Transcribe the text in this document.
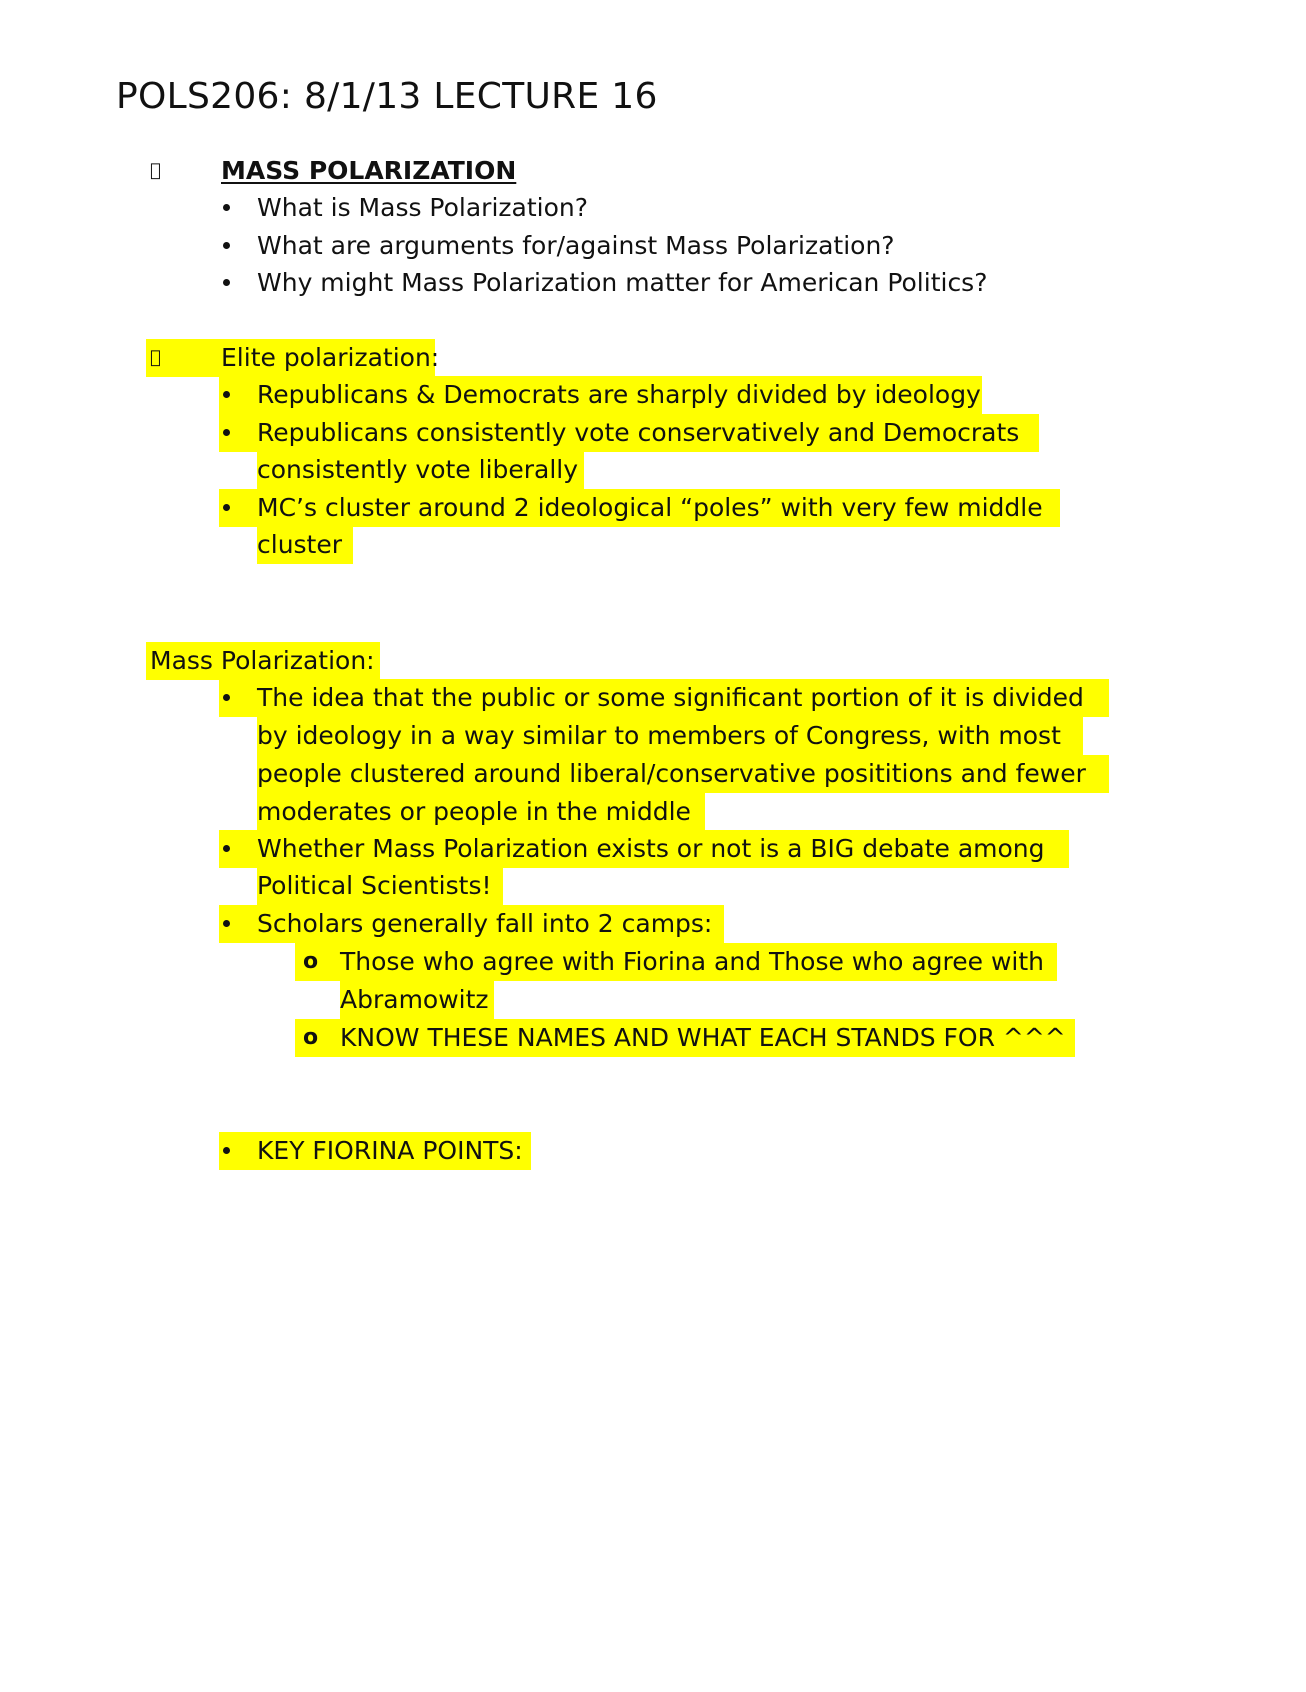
POLS206: 8/1/13 LECTURE 16
MASS POLARIZATION
What is Mass Polarization?
What are arguments for/against Mass Polarization?
Why might Mass Polarization matter for American Politics?
Elite polarization:
Republicans & Democrats are sharply divided by ideology
Republicans consistently vote conservatively and Democrats
consistently vote liberally
MC’s cluster around 2 ideological “poles” with very few middle
cluster
Mass Polarization:
The idea that the public or some significant portion of it is divided
by ideology in a way similar to members of Congress, with most
people clustered around liberal/conservative posititions and fewer
moderates or people in the middle
Whether Mass Polarization exists or not is a BIG debate among
Political Scientists!
Scholars generally fall into 2 camps:
o Those who agree with Fiorina and Those who agree with
Abramowitz
o KNOW THESE NAMES AND WHAT EACH STANDS FOR ^^^
KEY FIORINA POINTS:
